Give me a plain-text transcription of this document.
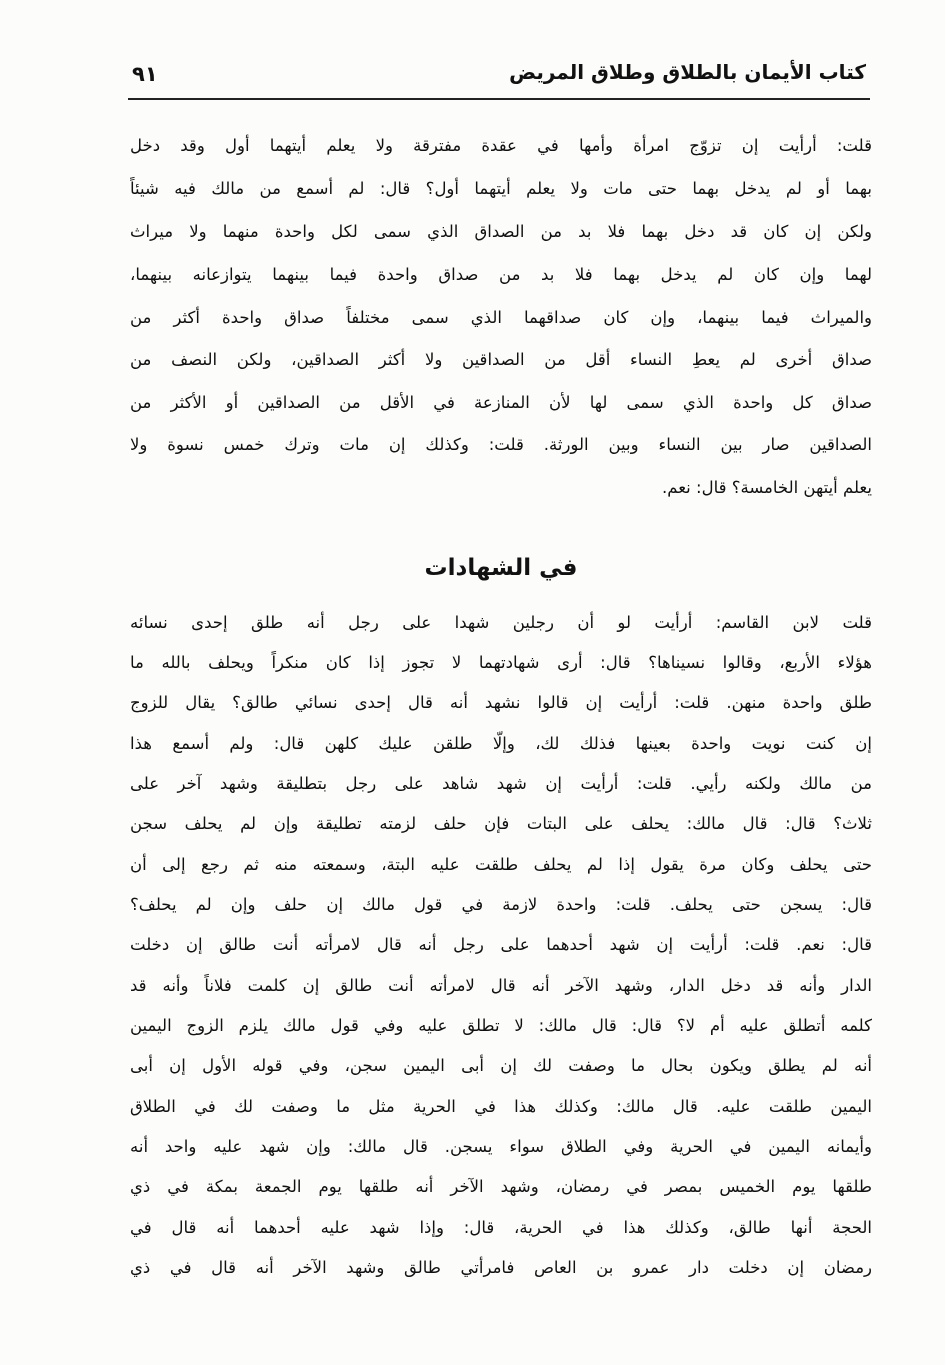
كتاب الأيمان بالطلاق وطلاق المريض
٩١
قلت: أرأيت إن تزوّج امرأة وأمها في عقدة مفترقة ولا يعلم أيتهما أول وقد دخل
بهما أو لم يدخل بهما حتى مات ولا يعلم أيتهما أول؟ قال: لم أسمع من مالك فيه شيئاً
ولكن إن كان قد دخل بهما فلا بد من الصداق الذي سمى لكل واحدة منهما ولا ميراث
لهما وإن كان لم يدخل بهما فلا بد من صداق واحدة فيما بينهما يتوازعانه بينهما،
والميراث فيما بينهما، وإن كان صداقهما الذي سمى مختلفاً صداق واحدة أكثر من
صداق أخرى لم يعطِ النساء أقل من الصداقين ولا أكثر الصداقين، ولكن النصف من
صداق كل واحدة الذي سمى لها لأن المنازعة في الأقل من الصداقين أو الأكثر من
الصداقين صار بين النساء وبين الورثة. قلت: وكذلك إن مات وترك خمس نسوة ولا
يعلم أيتهن الخامسة؟ قال: نعم.
في الشهادات
قلت لابن القاسم: أرأيت لو أن رجلين شهدا على رجل أنه طلق إحدى نسائه
هؤلاء الأربع، وقالوا نسيناها؟ قال: أرى شهادتهما لا تجوز إذا كان منكراً ويحلف بالله ما
طلق واحدة منهن. قلت: أرأيت إن قالوا نشهد أنه قال إحدى نسائي طالق؟ يقال للزوج
إن كنت نويت واحدة بعينها فذلك لك، وإلّا طلقن عليك كلهن قال: ولم أسمع هذا
من مالك ولكنه رأيي. قلت: أرأيت إن شهد شاهد على رجل بتطليقة وشهد آخر على
ثلاث؟ قال: قال مالك: يحلف على البتات فإن حلف لزمته تطليقة وإن لم يحلف سجن
حتى يحلف وكان مرة يقول إذا لم يحلف طلقت عليه البتة، وسمعته منه ثم رجع إلى أن
قال: يسجن حتى يحلف. قلت: واحدة لازمة في قول مالك إن حلف وإن لم يحلف؟
قال: نعم. قلت: أرأيت إن شهد أحدهما على رجل أنه قال لامرأته أنت طالق إن دخلت
الدار وأنه قد دخل الدار، وشهد الآخر أنه قال لامرأته أنت طالق إن كلمت فلاناً وأنه قد
كلمه أتطلق عليه أم لا؟ قال: قال مالك: لا تطلق عليه وفي قول مالك يلزم الزوج اليمين
أنه لم يطلق ويكون بحال ما وصفت لك إن أبى اليمين سجن، وفي قوله الأول إن أبى
اليمين طلقت عليه. قال مالك: وكذلك هذا في الحرية مثل ما وصفت لك في الطلاق
وأيمانه اليمين في الحرية وفي الطلاق سواء يسجن. قال مالك: وإن شهد عليه واحد أنه
طلقها يوم الخميس بمصر في رمضان، وشهد الآخر أنه طلقها يوم الجمعة بمكة في ذي
الحجة أنها طالق، وكذلك هذا في الحرية، قال: وإذا شهد عليه أحدهما أنه قال في
رمضان إن دخلت دار عمرو بن العاص فامرأتي طالق وشهد الآخر أنه قال في ذي
